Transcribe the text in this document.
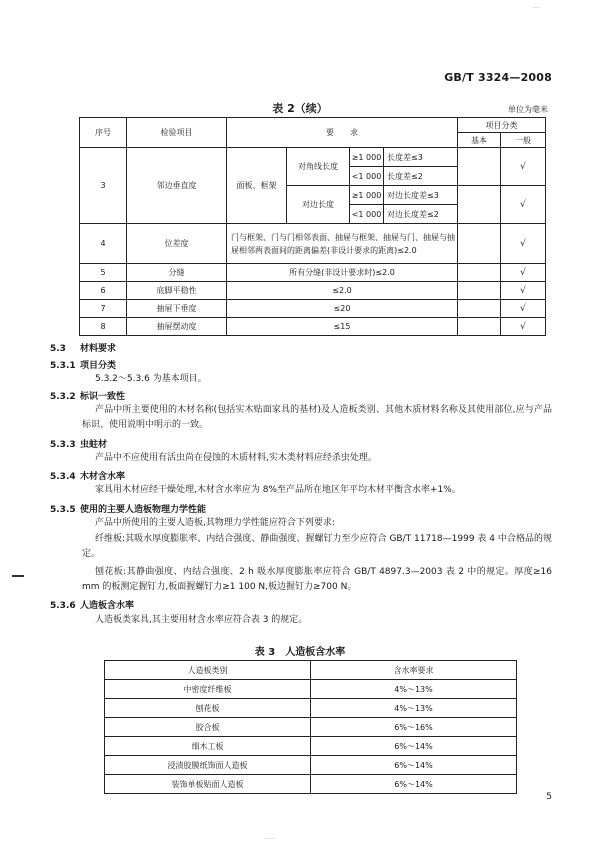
······
GB/T 3324—2008
表 2（续）	单位为毫米
序号	检验项目	要　　求				项目分类	
						基本	一般
3	邻边垂直度	面板、框架	对角线长度	≥1 000	长度差≤3		√
				<1 000	长度差≤2		
			对边长度	≥1 000	对边长度差≤3		√
				<1 000	对边长度差≤2		
4	位差度	门与框架、门与门相邻表面、抽屉与框架、抽屉与门、抽屉与抽屉相邻两表面间的距离偏差(非设计要求的距离)≤2.0					√
5	分缝	所有分缝(非设计要求时)≤2.0					√
6	底脚平稳性	≤2.0					√
7	抽屉下垂度	≤20					√
8	抽屉摆动度	≤15					√
5.3 材料要求
5.3.1 项目分类
5.3.2～5.3.6 为基本项目。
5.3.2 标识一致性
产品中所主要使用的木材名称(包括实木贴面家具的基材)及人造板类别、其他木质材料名称及其使用部位,应与产品标识、使用说明中明示的一致。
5.3.3 虫蛀材
产品中不应使用有活虫尚在侵蚀的木质材料,实木类材料应经杀虫处理。
5.3.4 木材含水率
家具用木材应经干燥处理,木材含水率应为 8%至产品所在地区年平均木材平衡含水率+1%。
5.3.5 使用的主要人造板物理力学性能
产品中所使用的主要人造板,其物理力学性能应符合下列要求:
纤维板:其吸水厚度膨胀率、内结合强度、静曲强度、握螺钉力至少应符合 GB/T 11718—1999 表 4 中合格品的规定。
刨花板:其静曲强度、内结合强度、2 h 吸水厚度膨胀率应符合 GB/T 4897.3—2003 表 2 中的规定。厚度≥16 mm 的板测定握钉力,板面握螺钉力≥1 100 N,板边握钉力≥700 N。
5.3.6 人造板含水率
人造板类家具,其主要用材含水率应符合表 3 的规定。
表 3　人造板含水率
人造板类别	含水率要求
中密度纤维板	4%～13%
刨花板	4%～13%
胶合板	6%～16%
细木工板	6%～14%
浸渍胶膜纸饰面人造板	6%～14%
装饰单板贴面人造板	6%～14%
5
········
